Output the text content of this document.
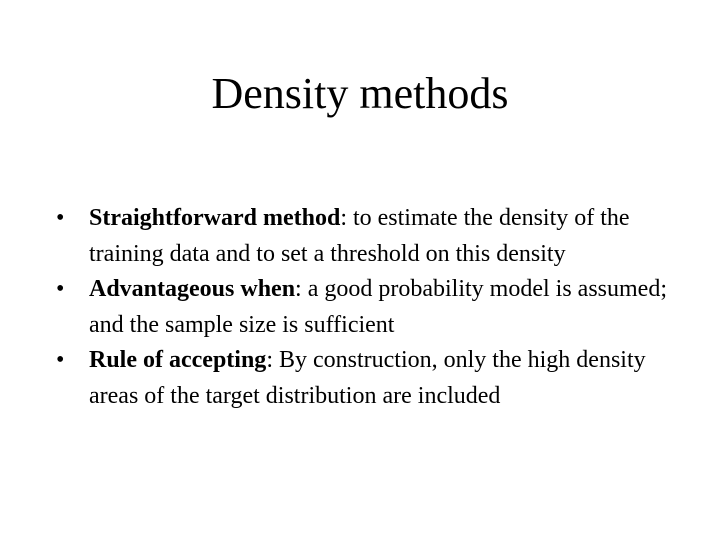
Density methods
• Straightforward method: to estimate the density of the training data and to set a threshold on this density
• Advantageous when: a good probability model is assumed; and the sample size is sufficient
• Rule of accepting: By construction, only the high density areas of the target distribution are included
